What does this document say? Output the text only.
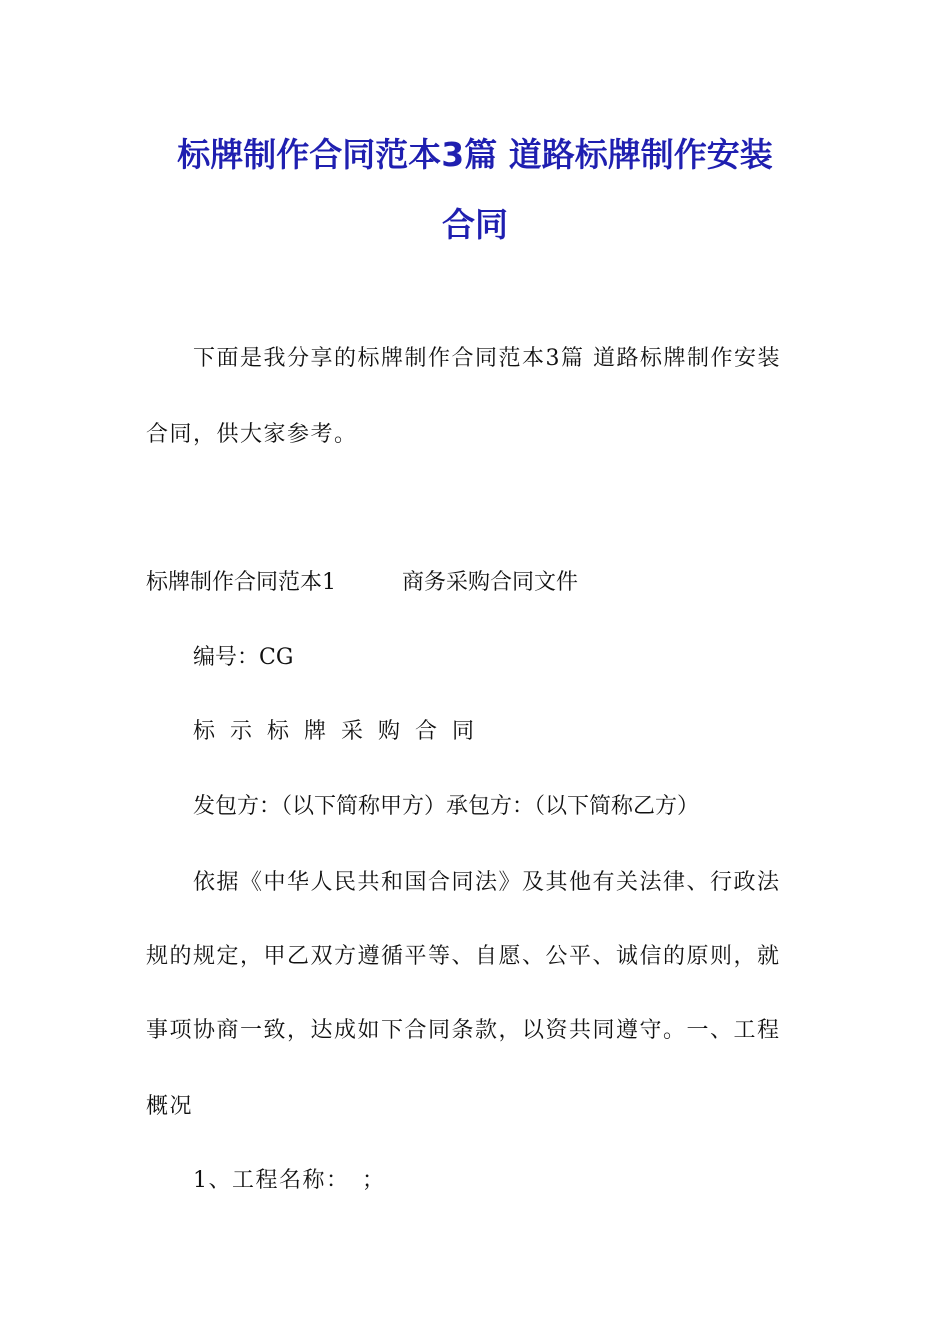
标牌制作合同范本3篇 道路标牌制作安装
合同

下面是我分享的标牌制作合同范本3篇 道路标牌制作安装

合同，供大家参考。

标牌制作合同范本1　　　商务采购合同文件

编号：CG

标示标牌采购合同

发包方：（以下简称甲方）承包方：（以下简称乙方）

依据《中华人民共和国合同法》及其他有关法律、行政法

规的规定，甲乙双方遵循平等、自愿、公平、诚信的原则，就

事项协商一致，达成如下合同条款，以资共同遵守。一、工程

概况

1、工程名称：　；
